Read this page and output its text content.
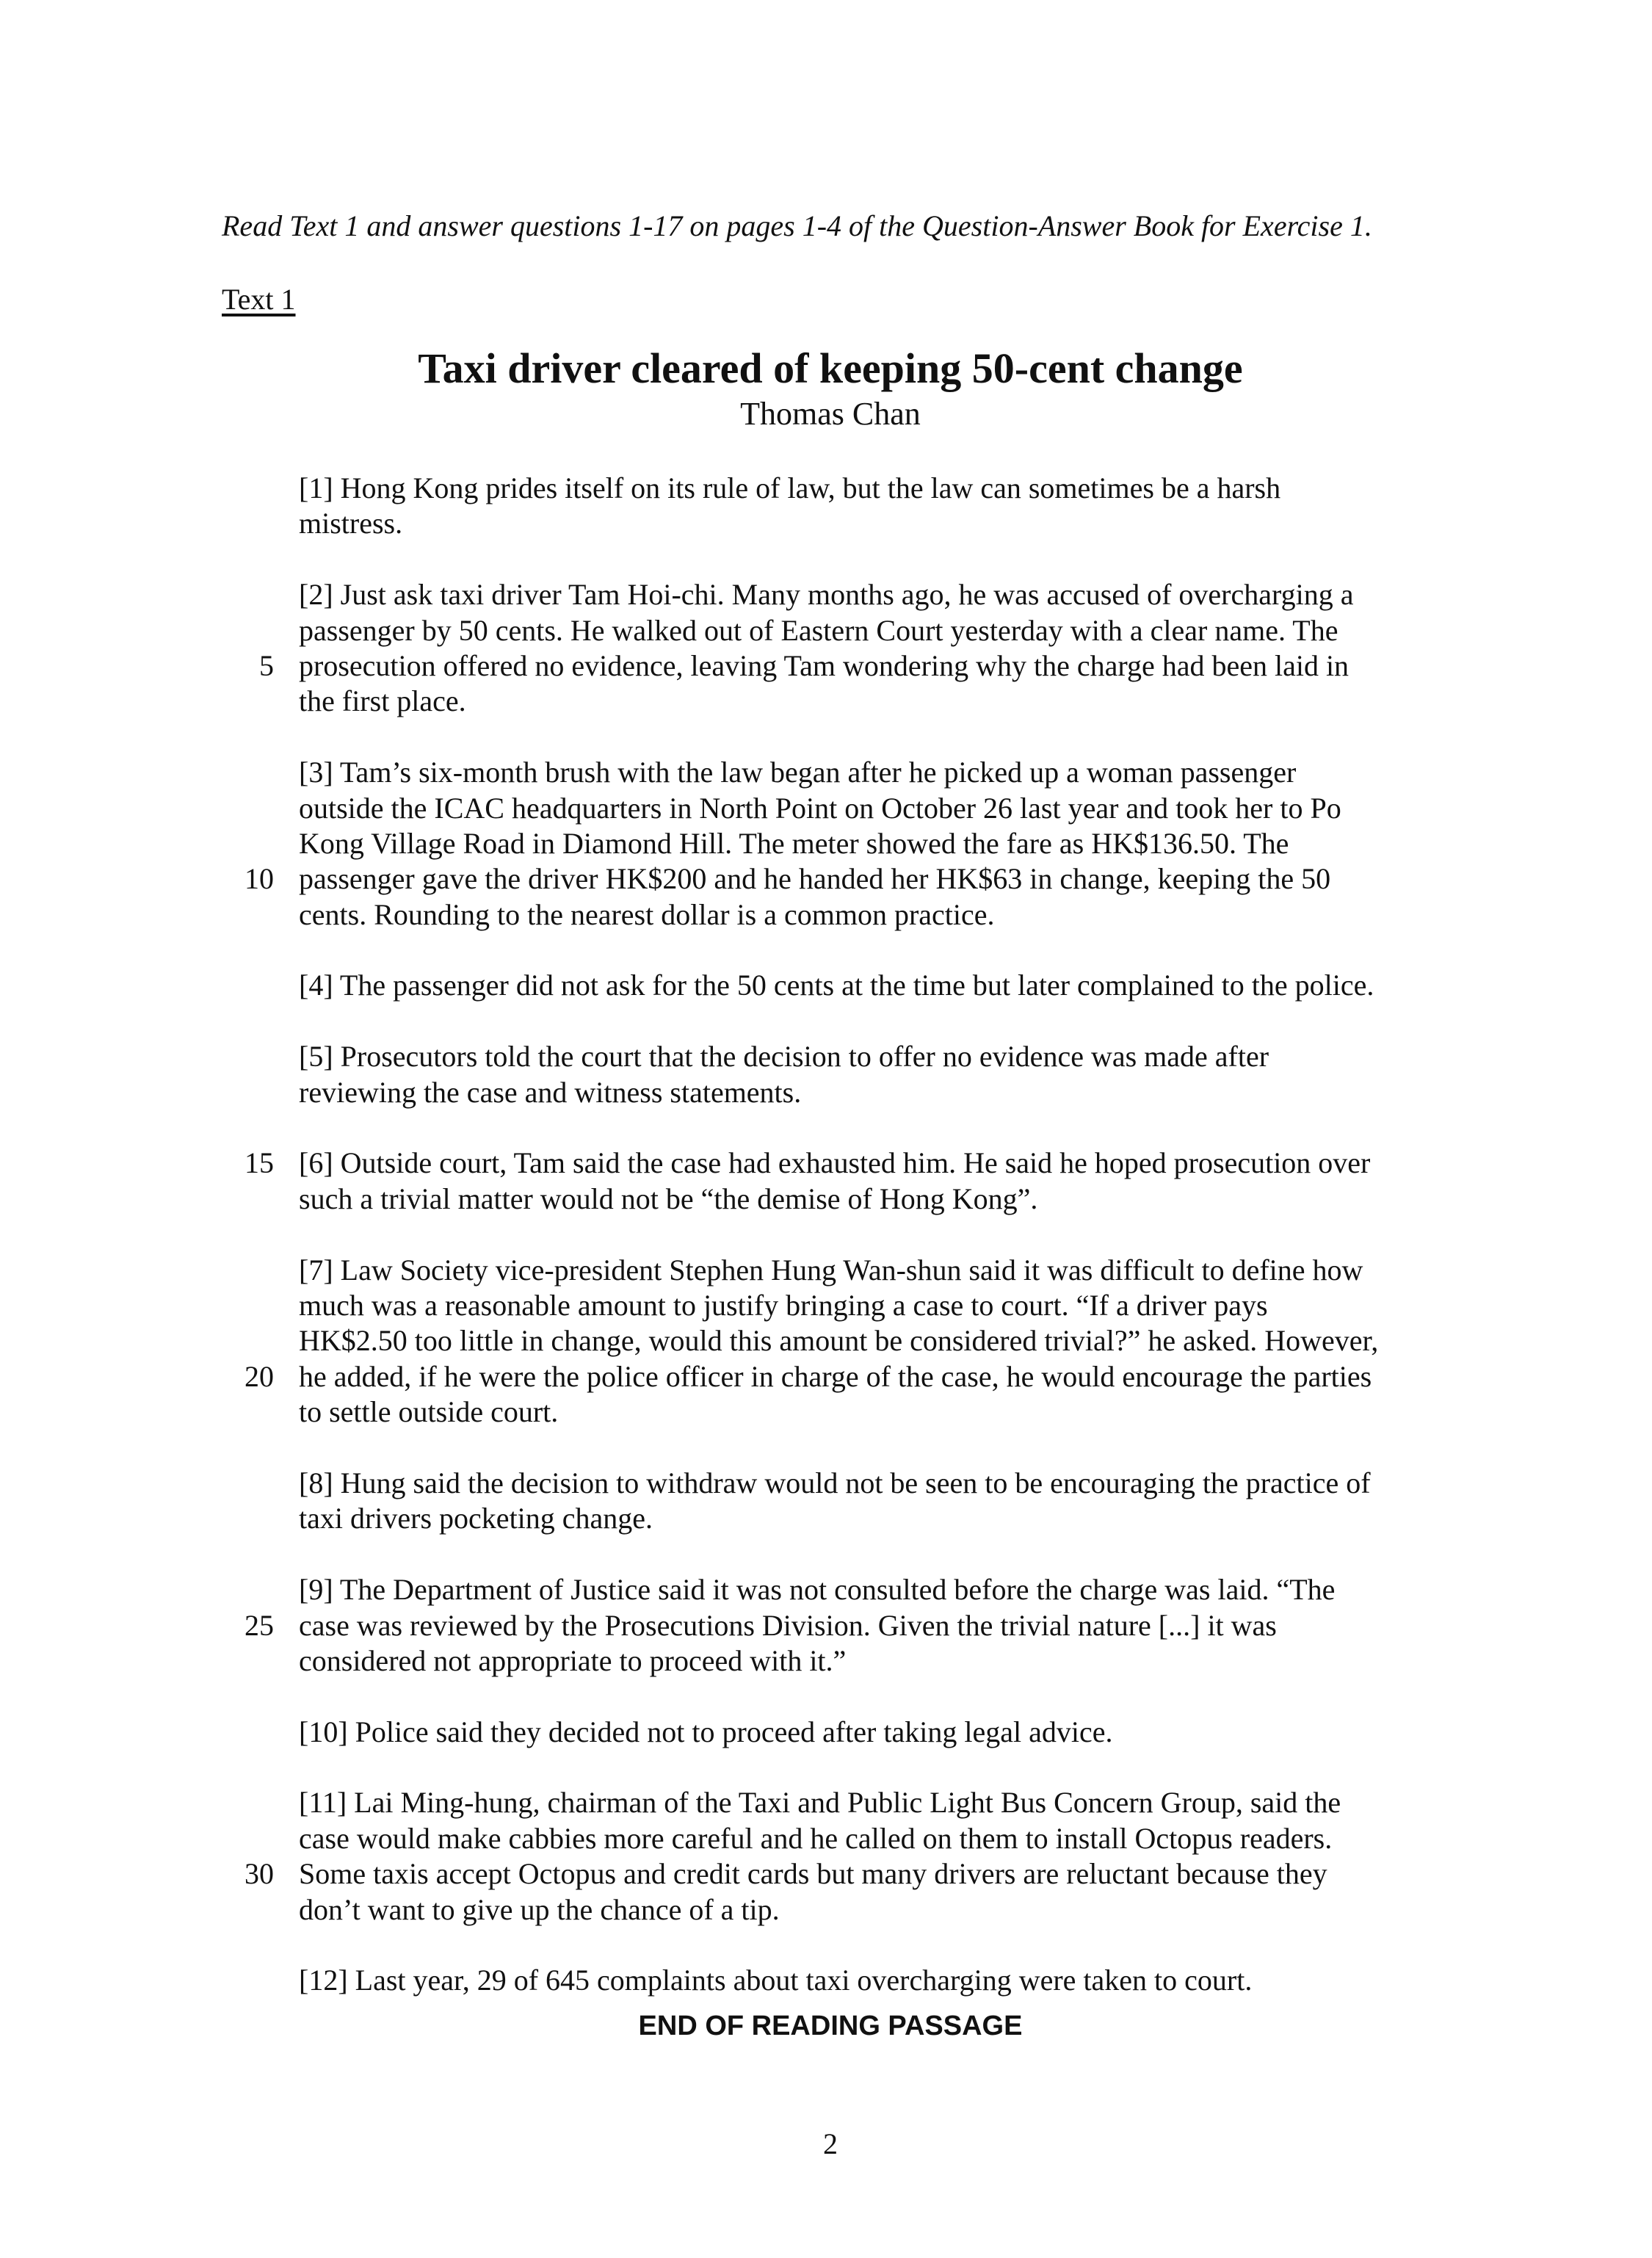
Read Text 1 and answer questions 1-17 on pages 1-4 of the Question-Answer Book for Exercise 1.
Text 1
Taxi driver cleared of keeping 50-cent change
Thomas Chan
[1] Hong Kong prides itself on its rule of law, but the law can sometimes be a harsh
mistress.
[2] Just ask taxi driver Tam Hoi-chi. Many months ago, he was accused of overcharging a
passenger by 50 cents. He walked out of Eastern Court yesterday with a clear name. The
prosecution offered no evidence, leaving Tam wondering why the charge had been laid in
5
the first place.
[3] Tam’s six-month brush with the law began after he picked up a woman passenger
outside the ICAC headquarters in North Point on October 26 last year and took her to Po
Kong Village Road in Diamond Hill. The meter showed the fare as HK$136.50. The
passenger gave the driver HK$200 and he handed her HK$63 in change, keeping the 50
10
cents. Rounding to the nearest dollar is a common practice.
[4] The passenger did not ask for the 50 cents at the time but later complained to the police.
[5] Prosecutors told the court that the decision to offer no evidence was made after
reviewing the case and witness statements.
[6] Outside court, Tam said the case had exhausted him. He said he hoped prosecution over
15
such a trivial matter would not be “the demise of Hong Kong”.
[7] Law Society vice-president Stephen Hung Wan-shun said it was difficult to define how
much was a reasonable amount to justify bringing a case to court. “If a driver pays
HK$2.50 too little in change, would this amount be considered trivial?” he asked. However,
he added, if he were the police officer in charge of the case, he would encourage the parties
20
to settle outside court.
[8] Hung said the decision to withdraw would not be seen to be encouraging the practice of
taxi drivers pocketing change.
[9] The Department of Justice said it was not consulted before the charge was laid. “The
case was reviewed by the Prosecutions Division. Given the trivial nature [...] it was
25
considered not appropriate to proceed with it.”
[10] Police said they decided not to proceed after taking legal advice.
[11] Lai Ming-hung, chairman of the Taxi and Public Light Bus Concern Group, said the
case would make cabbies more careful and he called on them to install Octopus readers.
Some taxis accept Octopus and credit cards but many drivers are reluctant because they
30
don’t want to give up the chance of a tip.
[12] Last year, 29 of 645 complaints about taxi overcharging were taken to court.
END OF READING PASSAGE
2
